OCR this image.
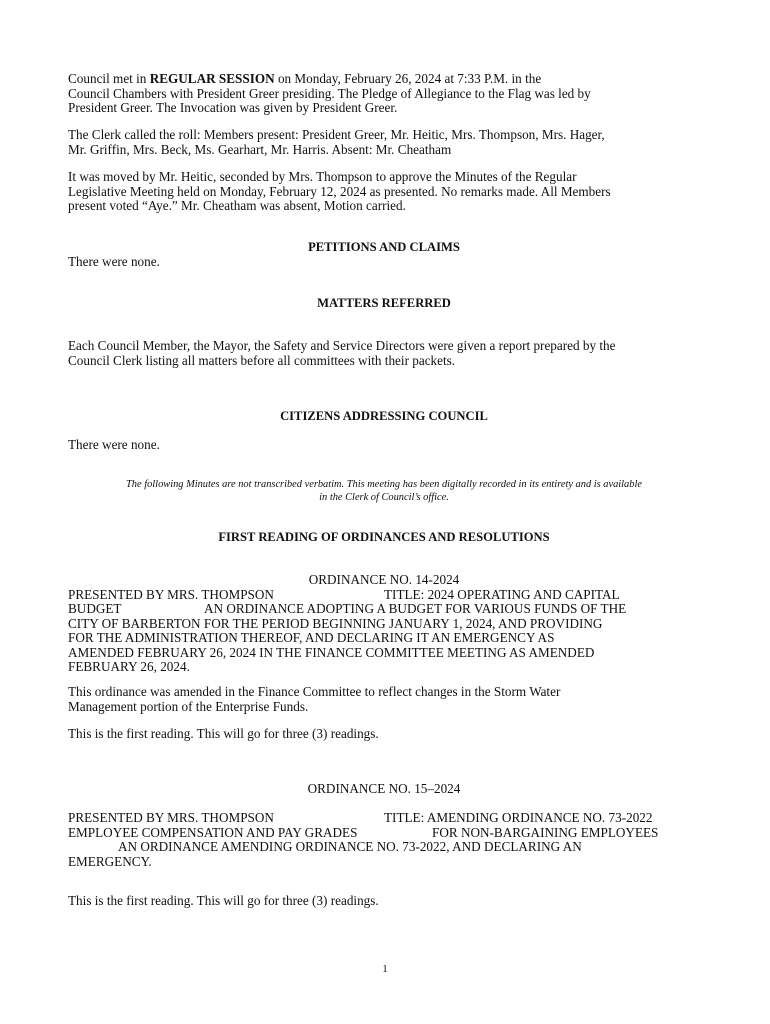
Council met in REGULAR SESSION on Monday, February 26, 2024 at 7:33 P.M. in the

Council Chambers with President Greer presiding. The Pledge of Allegiance to the Flag was led by

President Greer. The Invocation was given by President Greer.

The Clerk called the roll: Members present: President Greer, Mr. Heitic, Mrs. Thompson, Mrs. Hager,

Mr. Griffin, Mrs. Beck, Ms. Gearhart, Mr. Harris. Absent: Mr. Cheatham

It was moved by Mr. Heitic, seconded by Mrs. Thompson to approve the Minutes of the Regular

Legislative Meeting held on Monday, February 12, 2024 as presented. No remarks made. All Members

present voted “Aye.” Mr. Cheatham was absent, Motion carried.

PETITIONS AND CLAIMS
There were none.
MATTERS REFERRED

Each Council Member, the Mayor, the Safety and Service Directors were given a report prepared by the

Council Clerk listing all matters before all committees with their packets.

CITIZENS ADDRESSING COUNCIL
There were none.

The following Minutes are not transcribed verbatim. This meeting has been digitally recorded in its entirety and is available

in the Clerk of Council’s office.

FIRST READING OF ORDINANCES AND RESOLUTIONS

ORDINANCE NO. 14-2024

PRESENTED BY MRS. THOMPSON	TITLE: 2024 OPERATING AND CAPITAL

BUDGET	AN ORDINANCE ADOPTING A BUDGET FOR VARIOUS FUNDS OF THE

CITY OF BARBERTON FOR THE PERIOD BEGINNING JANUARY 1, 2024, AND PROVIDING

FOR THE ADMINISTRATION THEREOF, AND DECLARING IT AN EMERGENCY AS

AMENDED FEBRUARY 26, 2024 IN THE FINANCE COMMITTEE MEETING AS AMENDED

FEBRUARY 26, 2024.

This ordinance was amended in the Finance Committee to reflect changes in the Storm Water

Management portion of the Enterprise Funds.

This is the first reading. This will go for three (3) readings.
ORDINANCE NO. 15–2024

PRESENTED BY MRS. THOMPSON	TITLE: AMENDING ORDINANCE NO. 73-2022

EMPLOYEE COMPENSATION AND PAY GRADES	FOR NON-BARGAINING EMPLOYEES

AN ORDINANCE AMENDING ORDINANCE NO. 73-2022, AND DECLARING AN

EMERGENCY.

This is the first reading. This will go for three (3) readings.
1
